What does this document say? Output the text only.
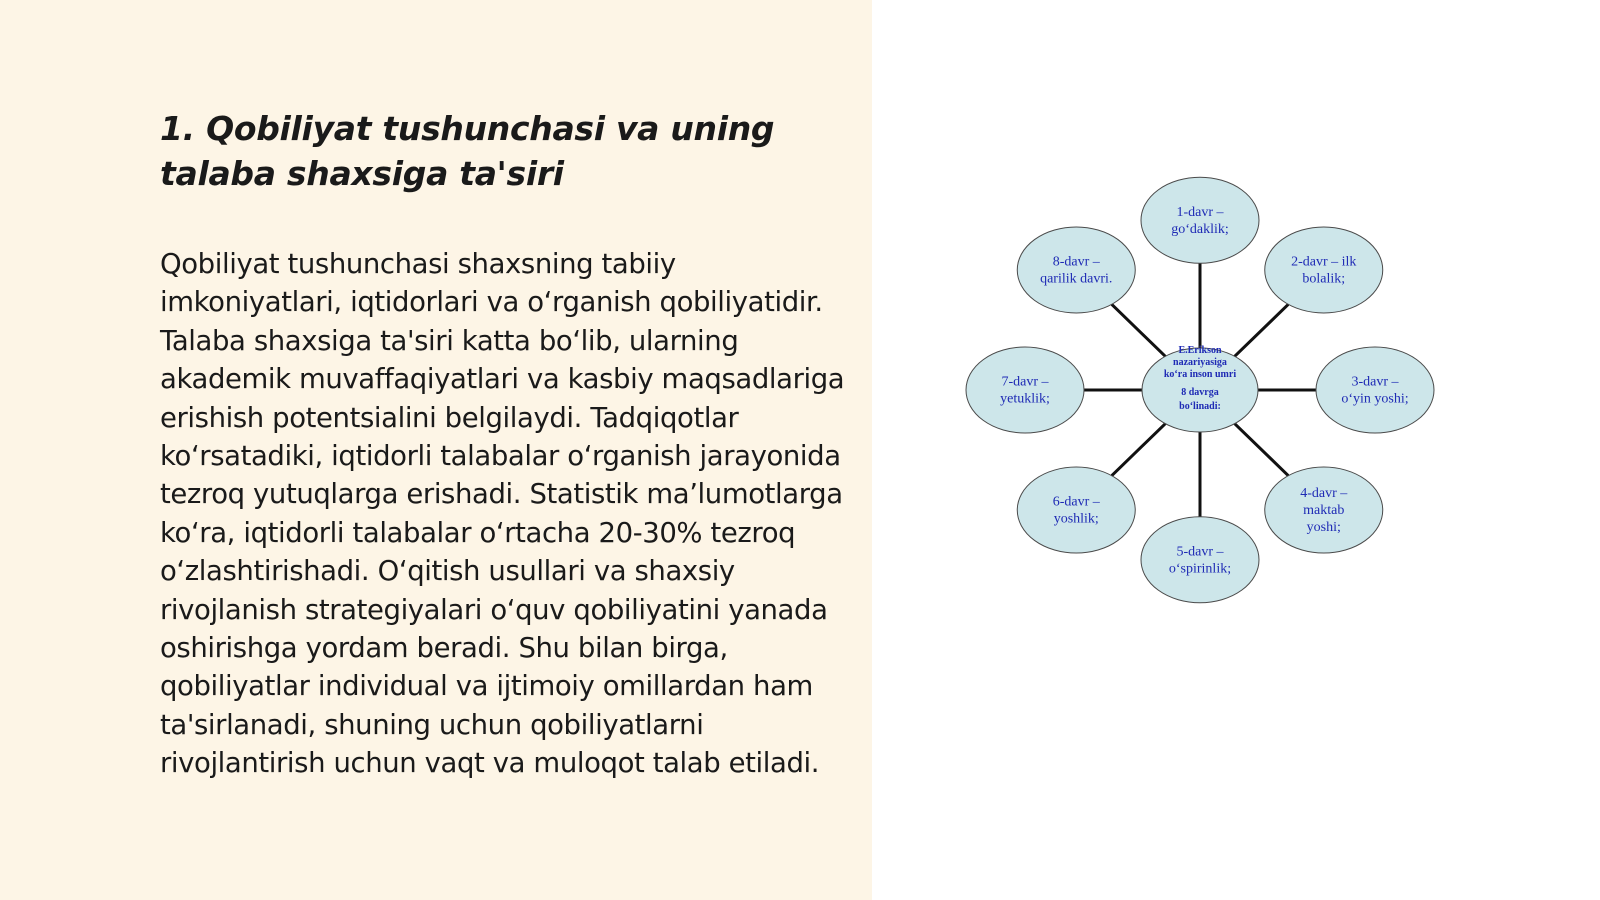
1. Qobiliyat tushunchasi va uning talaba shaxsiga ta'siri

Qobiliyat tushunchasi shaxsning tabiiy imkoniyatlari, iqtidorlari va o‘rganish qobiliyatidir. Talaba shaxsiga ta'siri katta bo‘lib, ularning akademik muvaffaqiyatlari va kasbiy maqsadlariga erishish potentsialini belgilaydi. Tadqiqotlar ko‘rsatadiki, iqtidorli talabalar o‘rganish jarayonida tezroq yutuqlarga erishadi. Statistik ma’lumotlarga ko‘ra, iqtidorli talabalar o‘rtacha 20-30% tezroq o‘zlashtirishadi. O‘qitish usullari va shaxsiy rivojlanish strategiyalari o‘quv qobiliyatini yanada oshirishga yordam beradi. Shu bilan birga, qobiliyatlar individual va ijtimoiy omillardan ham ta'sirlanadi, shuning uchun qobiliyatlarni rivojlantirish uchun vaqt va muloqot talab etiladi.

1-davr –
go‘daklik;
2-davr – ilk
bolalik;
3-davr –
o‘yin yoshi;
4-davr –
maktab
yoshi;
5-davr –
o‘spirinlik;
6-davr –
yoshlik;
7-davr –
yetuklik;
8-davr –
qarilik davri.
E.Erikson
nazariyasiga
ko‘ra inson umri
8 davrga
bo‘linadi:
